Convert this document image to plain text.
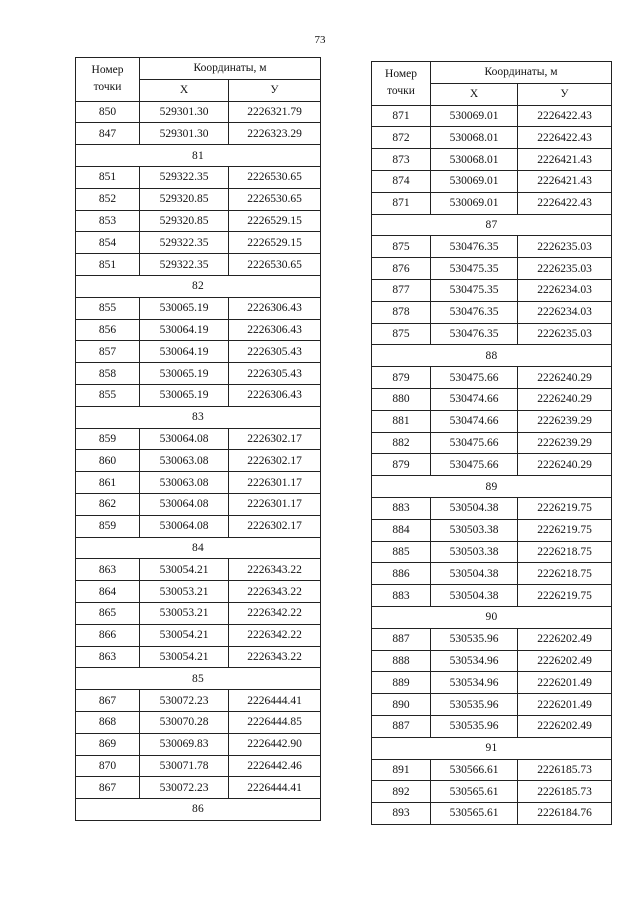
73
Номер
точки	Координаты, м	
	X	У
850	529301.30	2226321.79
847	529301.30	2226323.29
81		
851	529322.35	2226530.65
852	529320.85	2226530.65
853	529320.85	2226529.15
854	529322.35	2226529.15
851	529322.35	2226530.65
82		
855	530065.19	2226306.43
856	530064.19	2226306.43
857	530064.19	2226305.43
858	530065.19	2226305.43
855	530065.19	2226306.43
83		
859	530064.08	2226302.17
860	530063.08	2226302.17
861	530063.08	2226301.17
862	530064.08	2226301.17
859	530064.08	2226302.17
84		
863	530054.21	2226343.22
864	530053.21	2226343.22
865	530053.21	2226342.22
866	530054.21	2226342.22
863	530054.21	2226343.22
85		
867	530072.23	2226444.41
868	530070.28	2226444.85
869	530069.83	2226442.90
870	530071.78	2226442.46
867	530072.23	2226444.41
86		
Номер
точки	Координаты, м	
	X	У
871	530069.01	2226422.43
872	530068.01	2226422.43
873	530068.01	2226421.43
874	530069.01	2226421.43
871	530069.01	2226422.43
87		
875	530476.35	2226235.03
876	530475.35	2226235.03
877	530475.35	2226234.03
878	530476.35	2226234.03
875	530476.35	2226235.03
88		
879	530475.66	2226240.29
880	530474.66	2226240.29
881	530474.66	2226239.29
882	530475.66	2226239.29
879	530475.66	2226240.29
89		
883	530504.38	2226219.75
884	530503.38	2226219.75
885	530503.38	2226218.75
886	530504.38	2226218.75
883	530504.38	2226219.75
90		
887	530535.96	2226202.49
888	530534.96	2226202.49
889	530534.96	2226201.49
890	530535.96	2226201.49
887	530535.96	2226202.49
91		
891	530566.61	2226185.73
892	530565.61	2226185.73
893	530565.61	2226184.76
